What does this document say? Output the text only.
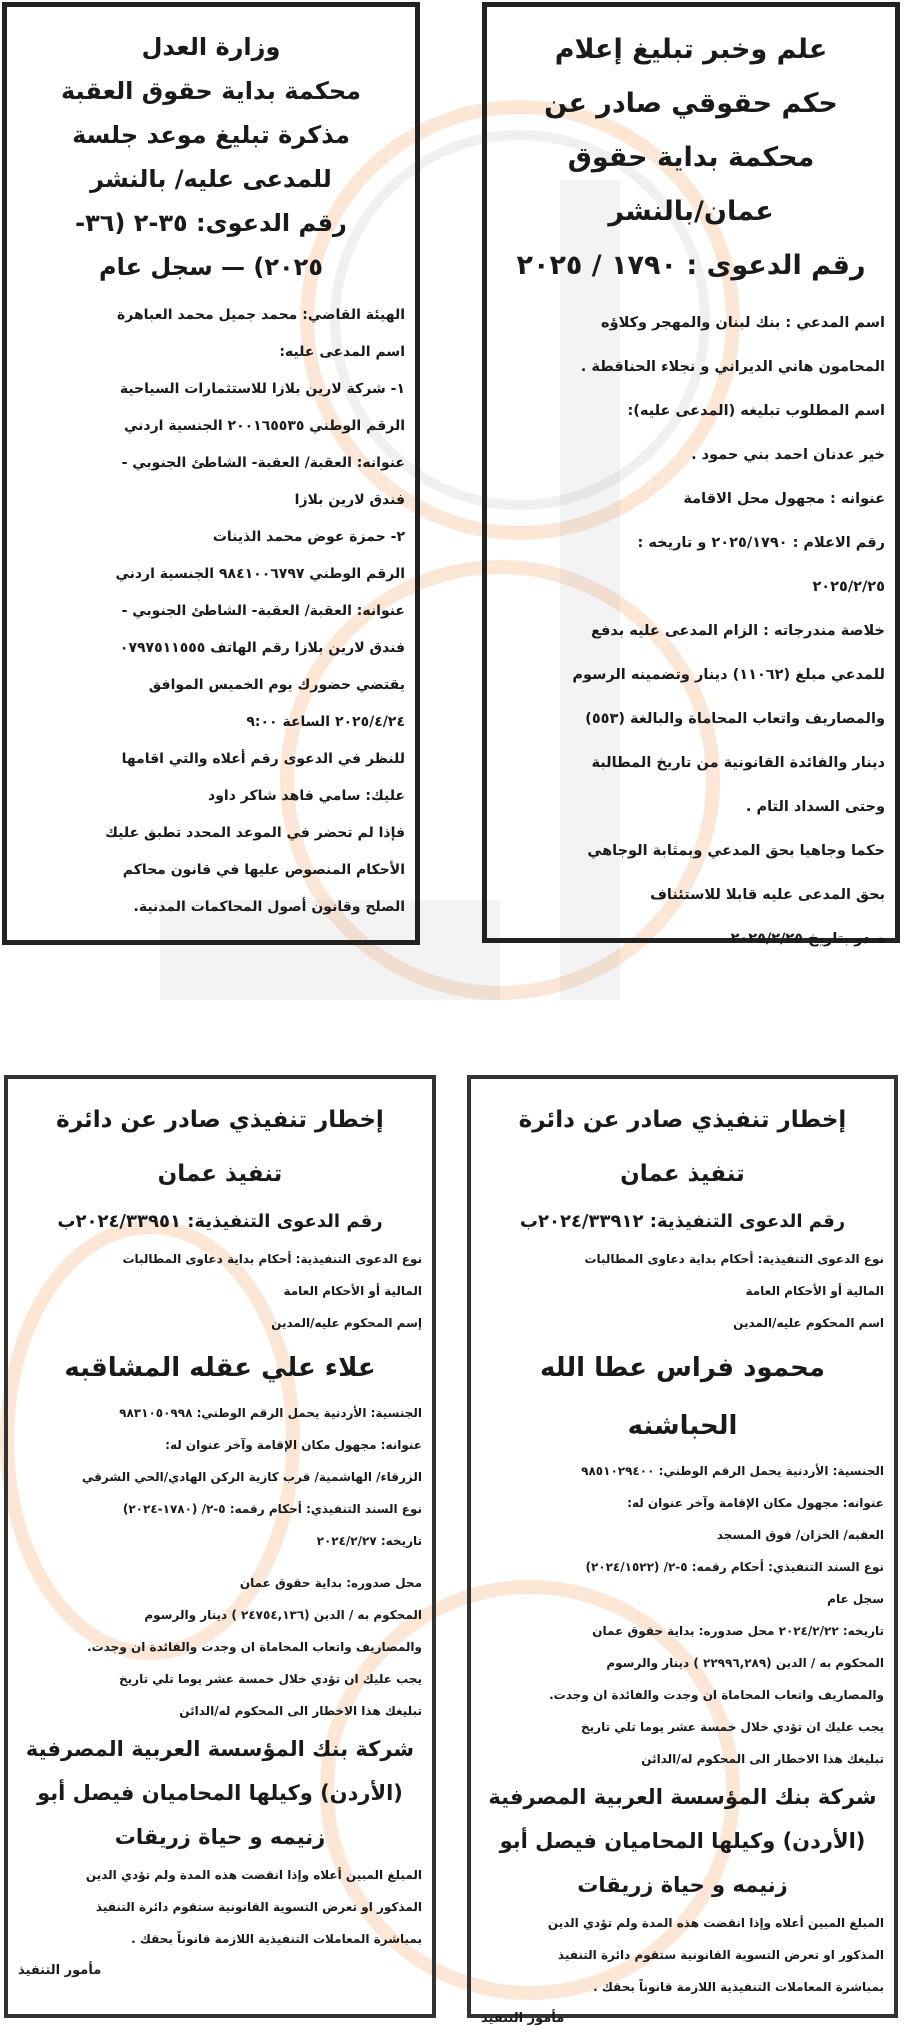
علم وخبر تبليغ إعلام
حكم حقوقي صادر عن
محكمة بداية حقوق
عمان/بالنشر
رقم الدعوى : ١٧٩٠ / ٢٠٢٥
اسم المدعي : بنك لبنان والمهجر وكلاؤه
المحامون هاني الديراني و نجلاء الحناقطة .
اسم المطلوب تبليغه (المدعى عليه):
خير عدنان احمد بني حمود .
عنوانه : مجهول محل الاقامة
رقم الاعلام : ٢٠٢٥/١٧٩٠ و تاريخه :
٢٠٢٥/٢/٢٥
خلاصة مندرجاته : الزام المدعى عليه بدفع
للمدعي مبلغ (١١٠٦٢) دينار وتضمينه الرسوم
والمصاريف واتعاب المحاماة والبالغة (٥٥٣)
دينار والفائدة القانونية من تاريخ المطالبة
وحتى السداد التام .
حكما وجاهيا بحق المدعي وبمثابة الوجاهي
بحق المدعى عليه قابلا للاستئناف
صدر بتاريخ ٢٠٢٥/٢/٢٥
وزارة العدل
محكمة بداية حقوق العقبة
مذكرة تبليغ موعد جلسة
للمدعى عليه/ بالنشر
رقم الدعوى: ٣٥-٢ (٣٦-
٢٠٢٥) — سجل عام
الهيئة القاضي: محمد جميل محمد العباهرة
اسم المدعى عليه:
١- شركة لارين بلازا للاستثمارات السياحية
الرقم الوطني ٢٠٠١٦٥٥٣٥ الجنسية اردني
عنوانه: العقبة/ العقبة- الشاطئ الجنوبي -
فندق لارين بلازا
٢- حمزة عوض محمد الذينات
الرقم الوطني ٩٨٤١٠٠٦٧٩٧ الجنسية اردني
عنوانه: العقبة/ العقبة- الشاطئ الجنوبي -
فندق لارين بلازا رقم الهاتف ٠٧٩٧٥١١٥٥٥
يقتضي حضورك يوم الخميس الموافق
٢٠٢٥/٤/٢٤ الساعة ٩:٠٠
للنظر في الدعوى رقم أعلاه والتي اقامها
عليك: سامي فاهد شاكر داود
فإذا لم تحضر في الموعد المحدد تطبق عليك
الأحكام المنصوص عليها في قانون محاكم
الصلح وقانون أصول المحاكمات المدنية.
إخطار تنفيذي صادر عن دائرة
تنفيذ عمان
رقم الدعوى التنفيذية: ٢٠٢٤/٣٣٩١٢ب
نوع الدعوى التنفيذية: أحكام بداية دعاوى المطالبات
المالية أو الأحكام العامة
اسم المحكوم عليه/المدين
محمود فراس عطا الله الحباشنه
الجنسية: الأردنية يحمل الرقم الوطني: ٩٨٥١٠٢٩٤٠٠
عنوانه: مجهول مكان الإقامة وآخر عنوان له:
العقبه/ الخزان/ فوق المسجد
نوع السند التنفيذي: أحكام رقمه: ٥-٢/ (٢٠٢٤/١٥٢٢)
سجل عام
تاريخه: ٢٠٢٤/٢/٢٢ محل صدوره: بداية حقوق عمان
المحكوم به / الدين (٢٢٩٩٦,٢٨٩ ) دينار والرسوم
والمصاريف واتعاب المحاماة ان وجدت والفائدة ان وجدت.
يجب عليك ان تؤدي خلال خمسة عشر يوما تلي تاريخ
تبليغك هذا الاخطار الى المحكوم له/الدائن
شركة بنك المؤسسة العربية المصرفية
(الأردن) وكيلها المحاميان فيصل أبو
زنيمه و حياة زريقات
المبلغ المبين أعلاه وإذا انقضت هذه المدة ولم تؤدي الدين
المذكور او تعرض التسوية القانونية ستقوم دائرة التنفيذ
بمباشرة المعاملات التنفيذية اللازمة قانوناً بحقك .
مأمور التنفيذ
إخطار تنفيذي صادر عن دائرة
تنفيذ عمان
رقم الدعوى التنفيذية: ٢٠٢٤/٣٣٩٥١ب
نوع الدعوى التنفيذية: أحكام بداية دعاوى المطالبات
المالية أو الأحكام العامة
إسم المحكوم عليه/المدين
علاء علي عقله المشاقبه
الجنسية: الأردنية يحمل الرقم الوطني: ٩٨٣١٠٥٠٩٩٨
عنوانه: مجهول مكان الإقامة وآخر عنوان له:
الزرقاء/ الهاشمية/ قرب كازية الركن الهادي/الحي الشرقي
نوع السند التنفيذي: أحكام رقمه: ٥-٢/ (١٧٨٠-٢٠٢٤)
تاريخه: ٢٠٢٤/٢/٢٧
محل صدوره: بداية حقوق عمان
المحكوم به / الدين (٢٤٧٥٤,١٣٦ ) دينار والرسوم
والمصاريف واتعاب المحاماة ان وجدت والفائدة ان وجدت.
يجب عليك ان تؤدي خلال خمسة عشر يوما تلي تاريخ
تبليغك هذا الاخطار الى المحكوم له/الدائن
شركة بنك المؤسسة العربية المصرفية
(الأردن) وكيلها المحاميان فيصل أبو
زنيمه و حياة زريقات
المبلغ المبين أعلاه وإذا انقضت هذه المدة ولم تؤدي الدين
المذكور او تعرض التسوية القانونية ستقوم دائرة التنفيذ
بمباشرة المعاملات التنفيذية اللازمة قانوناً بحقك .
مأمور التنفيذ
